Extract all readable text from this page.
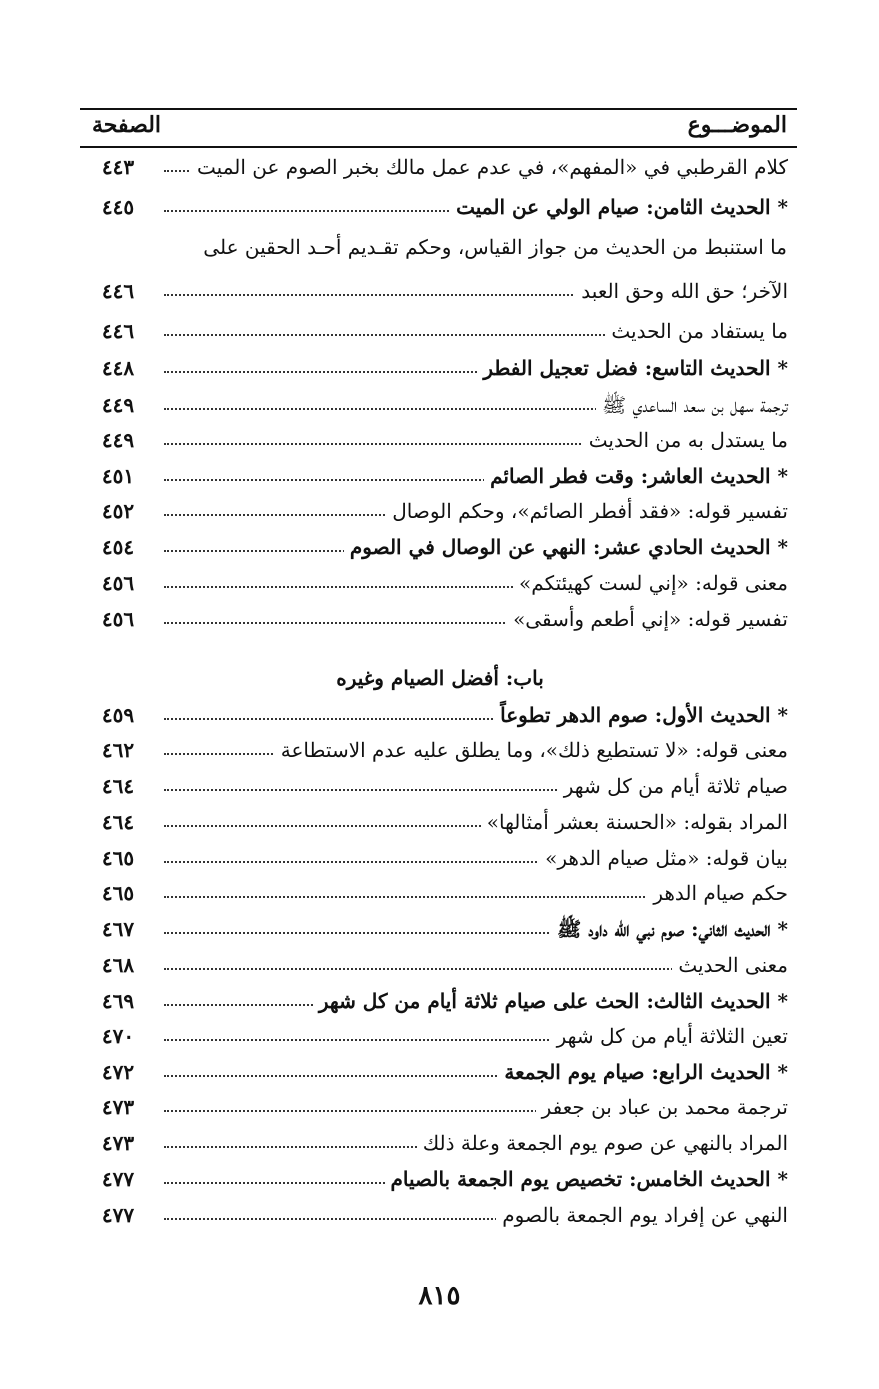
الموضـــوع
الصفحة
كلام القرطبي في «المفهم»، في عدم عمل مالك بخبر الصوم عن الميت
٤٤٣
* الحديث الثامن: صيام الولي عن الميت
٤٤٥
ما استنبط من الحديث من جواز القياس، وحكم تقـديم أحـد الحقين على
الآخر؛ حق الله وحق العبد
٤٤٦
ما يستفاد من الحديث
٤٤٦
* الحديث التاسع: فضل تعجيل الفطر
٤٤٨
ترجمة سهل بن سعد الساعدي ﷺ
٤٤٩
ما يستدل به من الحديث
٤٤٩
* الحديث العاشر: وقت فطر الصائم
٤٥١
تفسير قوله: «فقد أفطر الصائم»، وحكم الوصال
٤٥٢
* الحديث الحادي عشر: النهي عن الوصال في الصوم
٤٥٤
معنى قوله: «إني لست كهيئتكم»
٤٥٦
تفسير قوله: «إني أطعم وأسقى»
٤٥٦
* الحديث الأول: صوم الدهر تطوعاً
٤٥٩
معنى قوله: «لا تستطيع ذلك»، وما يطلق عليه عدم الاستطاعة
٤٦٢
صيام ثلاثة أيام من كل شهر
٤٦٤
المراد بقوله: «الحسنة بعشر أمثالها»
٤٦٤
بيان قوله: «مثل صيام الدهر»
٤٦٥
حكم صيام الدهر
٤٦٥
* الحديث الثاني: صوم نبي الله داود ﷺ
٤٦٧
معنى الحديث
٤٦٨
* الحديث الثالث: الحث على صيام ثلاثة أيام من كل شهر
٤٦٩
تعين الثلاثة أيام من كل شهر
٤٧٠
* الحديث الرابع: صيام يوم الجمعة
٤٧٢
ترجمة محمد بن عباد بن جعفر
٤٧٣
المراد بالنهي عن صوم يوم الجمعة وعلة ذلك
٤٧٣
* الحديث الخامس: تخصيص يوم الجمعة بالصيام
٤٧٧
النهي عن إفراد يوم الجمعة بالصوم
٤٧٧
باب: أفضل الصيام وغيره
٨١٥
